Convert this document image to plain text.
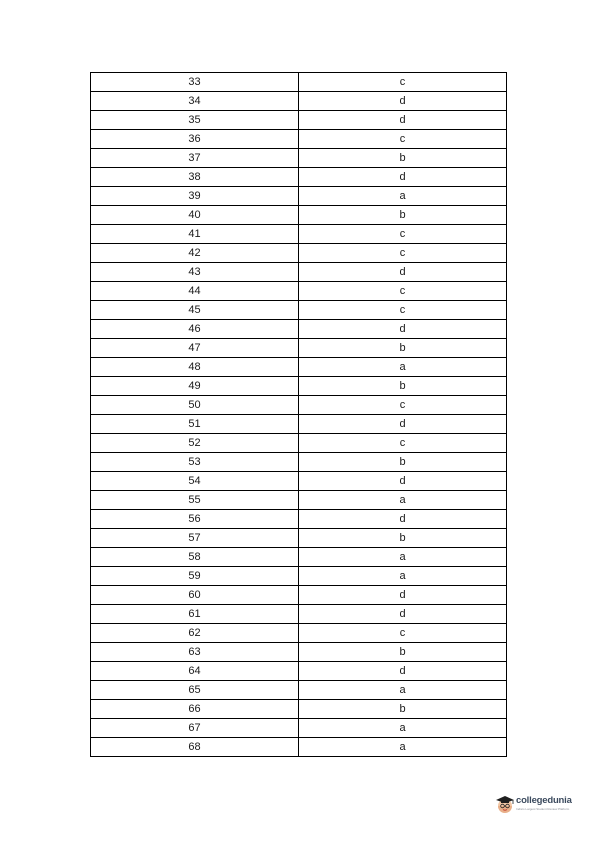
33	c
34	d
35	d
36	c
37	b
38	d
39	a
40	b
41	c
42	c
43	d
44	c
45	c
46	d
47	b
48	a
49	b
50	c
51	d
52	c
53	b
54	d
55	a
56	d
57	b
58	a
59	a
60	d
61	d
62	c
63	b
64	d
65	a
66	b
67	a
68	a
collegedunia
India's Largest Student Review Platform
